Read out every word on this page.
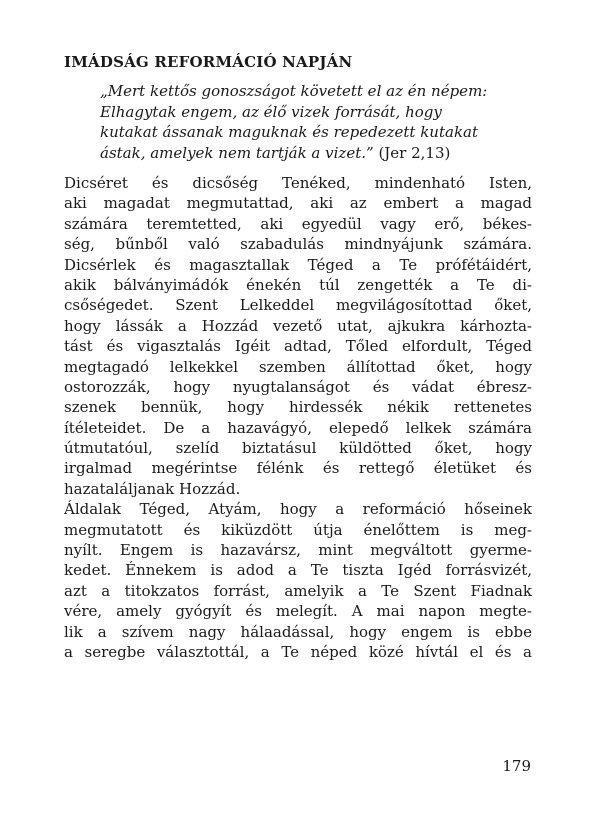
IMÁDSÁG REFORMÁCIÓ NAPJÁN
„Mert kettős gonoszságot követett el az én népem:
Elhagytak engem, az élő vizek forrását, hogy
kutakat ássanak maguknak és repedezett kutakat
ástak, amelyek nem tartják a vizet.” (Jer 2,13)
Dicséret és dicsőség Tenéked, mindenható Isten,
aki magadat megmutattad, aki az embert a magad
számára teremtetted, aki egyedül vagy erő, békes-
ség, bűnből való szabadulás mindnyájunk számára.
Dicsérlek és magasztallak Téged a Te prófétáidért,
akik bálványimádók énekén túl zengették a Te di-
csőségedet. Szent Lelkeddel megvilágosítottad őket,
hogy lássák a Hozzád vezető utat, ajkukra kárhozta-
tást és vigasztalás Igéit adtad, Tőled elfordult, Téged
megtagadó lelkekkel szemben állítottad őket, hogy
ostorozzák, hogy nyugtalanságot és vádat ébresz-
szenek bennük, hogy hirdessék nékik rettenetes
ítéleteidet. De a hazavágyó, elepedő lelkek számára
útmutatóul, szelíd biztatásul küldötted őket, hogy
irgalmad megérintse félénk és rettegő életüket és
hazataláljanak Hozzád.
Áldalak Téged, Atyám, hogy a reformáció hőseinek
megmutatott és kiküzdött útja énelőttem is meg-
nyílt. Engem is hazavársz, mint megváltott gyerme-
kedet. Énnekem is adod a Te tiszta Igéd forrásvizét,
azt a titokzatos forrást, amelyik a Te Szent Fiadnak
vére, amely gyógyít és melegít. A mai napon megte-
lik a szívem nagy hálaadással, hogy engem is ebbe
a seregbe választottál, a Te néped közé hívtál el és a
179
